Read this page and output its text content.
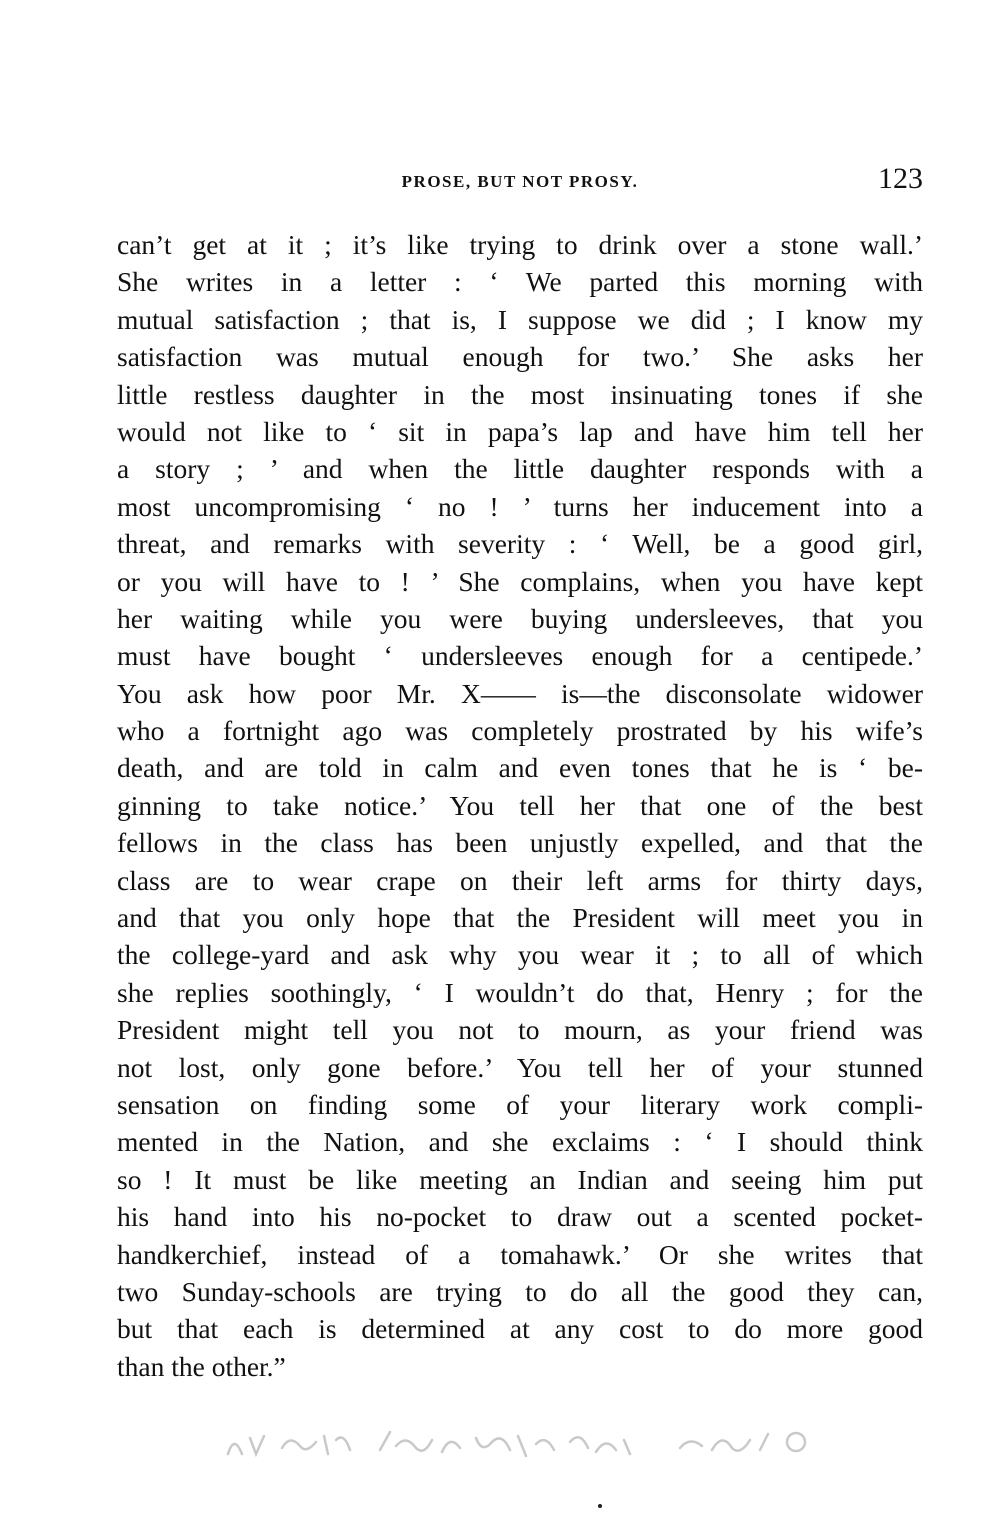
PROSE, BUT NOT PROSY.	123
can’t get at it ; it’s like trying to drink over a stone wall.’
She writes in a letter : ‘ We parted this morning with
mutual satisfaction ; that is, I suppose we did ; I know my
satisfaction was mutual enough for two.’ She asks her
little restless daughter in the most insinuating tones if she
would not like to ‘ sit in papa’s lap and have him tell her
a story ; ’ and when the little daughter responds with a
most uncompromising ‘ no ! ’ turns her inducement into a
threat, and remarks with severity : ‘ Well, be a good girl,
or you will have to ! ’ She complains, when you have kept
her waiting while you were buying undersleeves, that you
must have bought ‘ undersleeves enough for a centipede.’
You ask how poor Mr. X—— is—the disconsolate widower
who a fortnight ago was completely prostrated by his wife’s
death, and are told in calm and even tones that he is ‘ be-
ginning to take notice.’ You tell her that one of the best
fellows in the class has been unjustly expelled, and that the
class are to wear crape on their left arms for thirty days,
and that you only hope that the President will meet you in
the college-yard and ask why you wear it ; to all of which
she replies soothingly, ‘ I wouldn’t do that, Henry ; for the
President might tell you not to mourn, as your friend was
not lost, only gone before.’ You tell her of your stunned
sensation on finding some of your literary work compli-
mented in the Nation, and she exclaims : ‘ I should think
so ! It must be like meeting an Indian and seeing him put
his hand into his no-pocket to draw out a scented pocket-
handkerchief, instead of a tomahawk.’ Or she writes that
two Sunday-schools are trying to do all the good they can,
but that each is determined at any cost to do more good
than the other.”
